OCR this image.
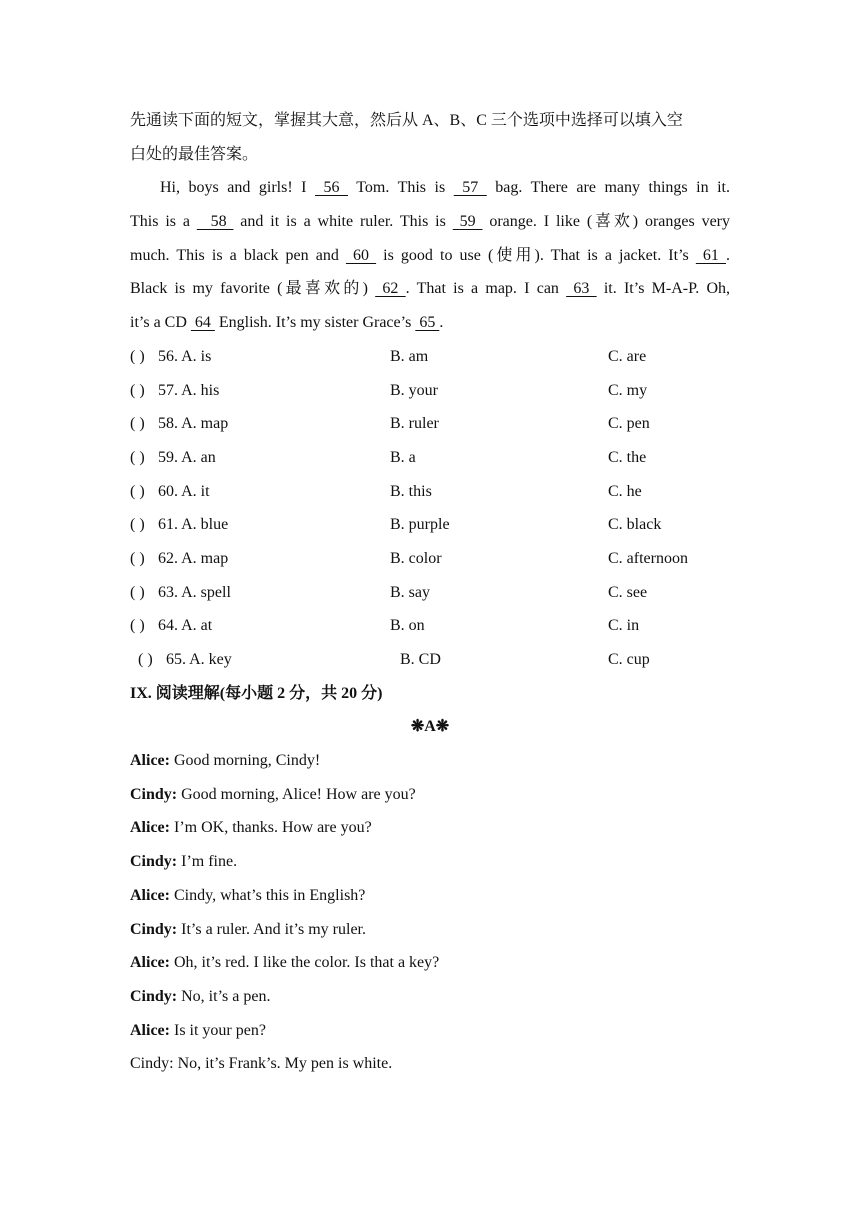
先通读下面的短文，掌握其大意，然后从 A、B、C 三个选项中选择可以填入空
白处的最佳答案。
Hi, boys and girls! I  56  Tom. This is  57  bag. There are many things in it.
This is a   58  and it is a white ruler. This is  59  orange. I like (喜欢) oranges very
much. This is a black pen and  60  is good to use (使用). That is a jacket. It’s  61 .
Black is my favorite (最喜欢的)  62 . That is a map. I can  63  it. It’s M-A-P. Oh,
it’s a CD  64  English. It’s my sister Grace’s  65 .
( ) 56. A. is	B. am	C. are
( ) 57. A. his	B. your	C. my
( ) 58. A. map	B. ruler	C. pen
( ) 59. A. an	B. a	C. the
( ) 60. A. it	B. this	C. he
( ) 61. A. blue	B. purple	C. black
( ) 62. A. map	B. color	C. afternoon
( ) 63. A. spell	B. say	C. see
( ) 64. A. at	B. on	C. in
( ) 65. A. key	B. CD	C. cup
IX. 阅读理解(每小题 2 分，共 20 分)
❋A❋
Alice: Good morning, Cindy!
Cindy: Good morning, Alice! How are you?
Alice: I’m OK, thanks. How are you?
Cindy: I’m fine.
Alice: Cindy, what’s this in English?
Cindy: It’s a ruler. And it’s my ruler.
Alice: Oh, it’s red. I like the color. Is that a key?
Cindy: No, it’s a pen.
Alice: Is it your pen?
Cindy: No, it’s Frank’s. My pen is white.
